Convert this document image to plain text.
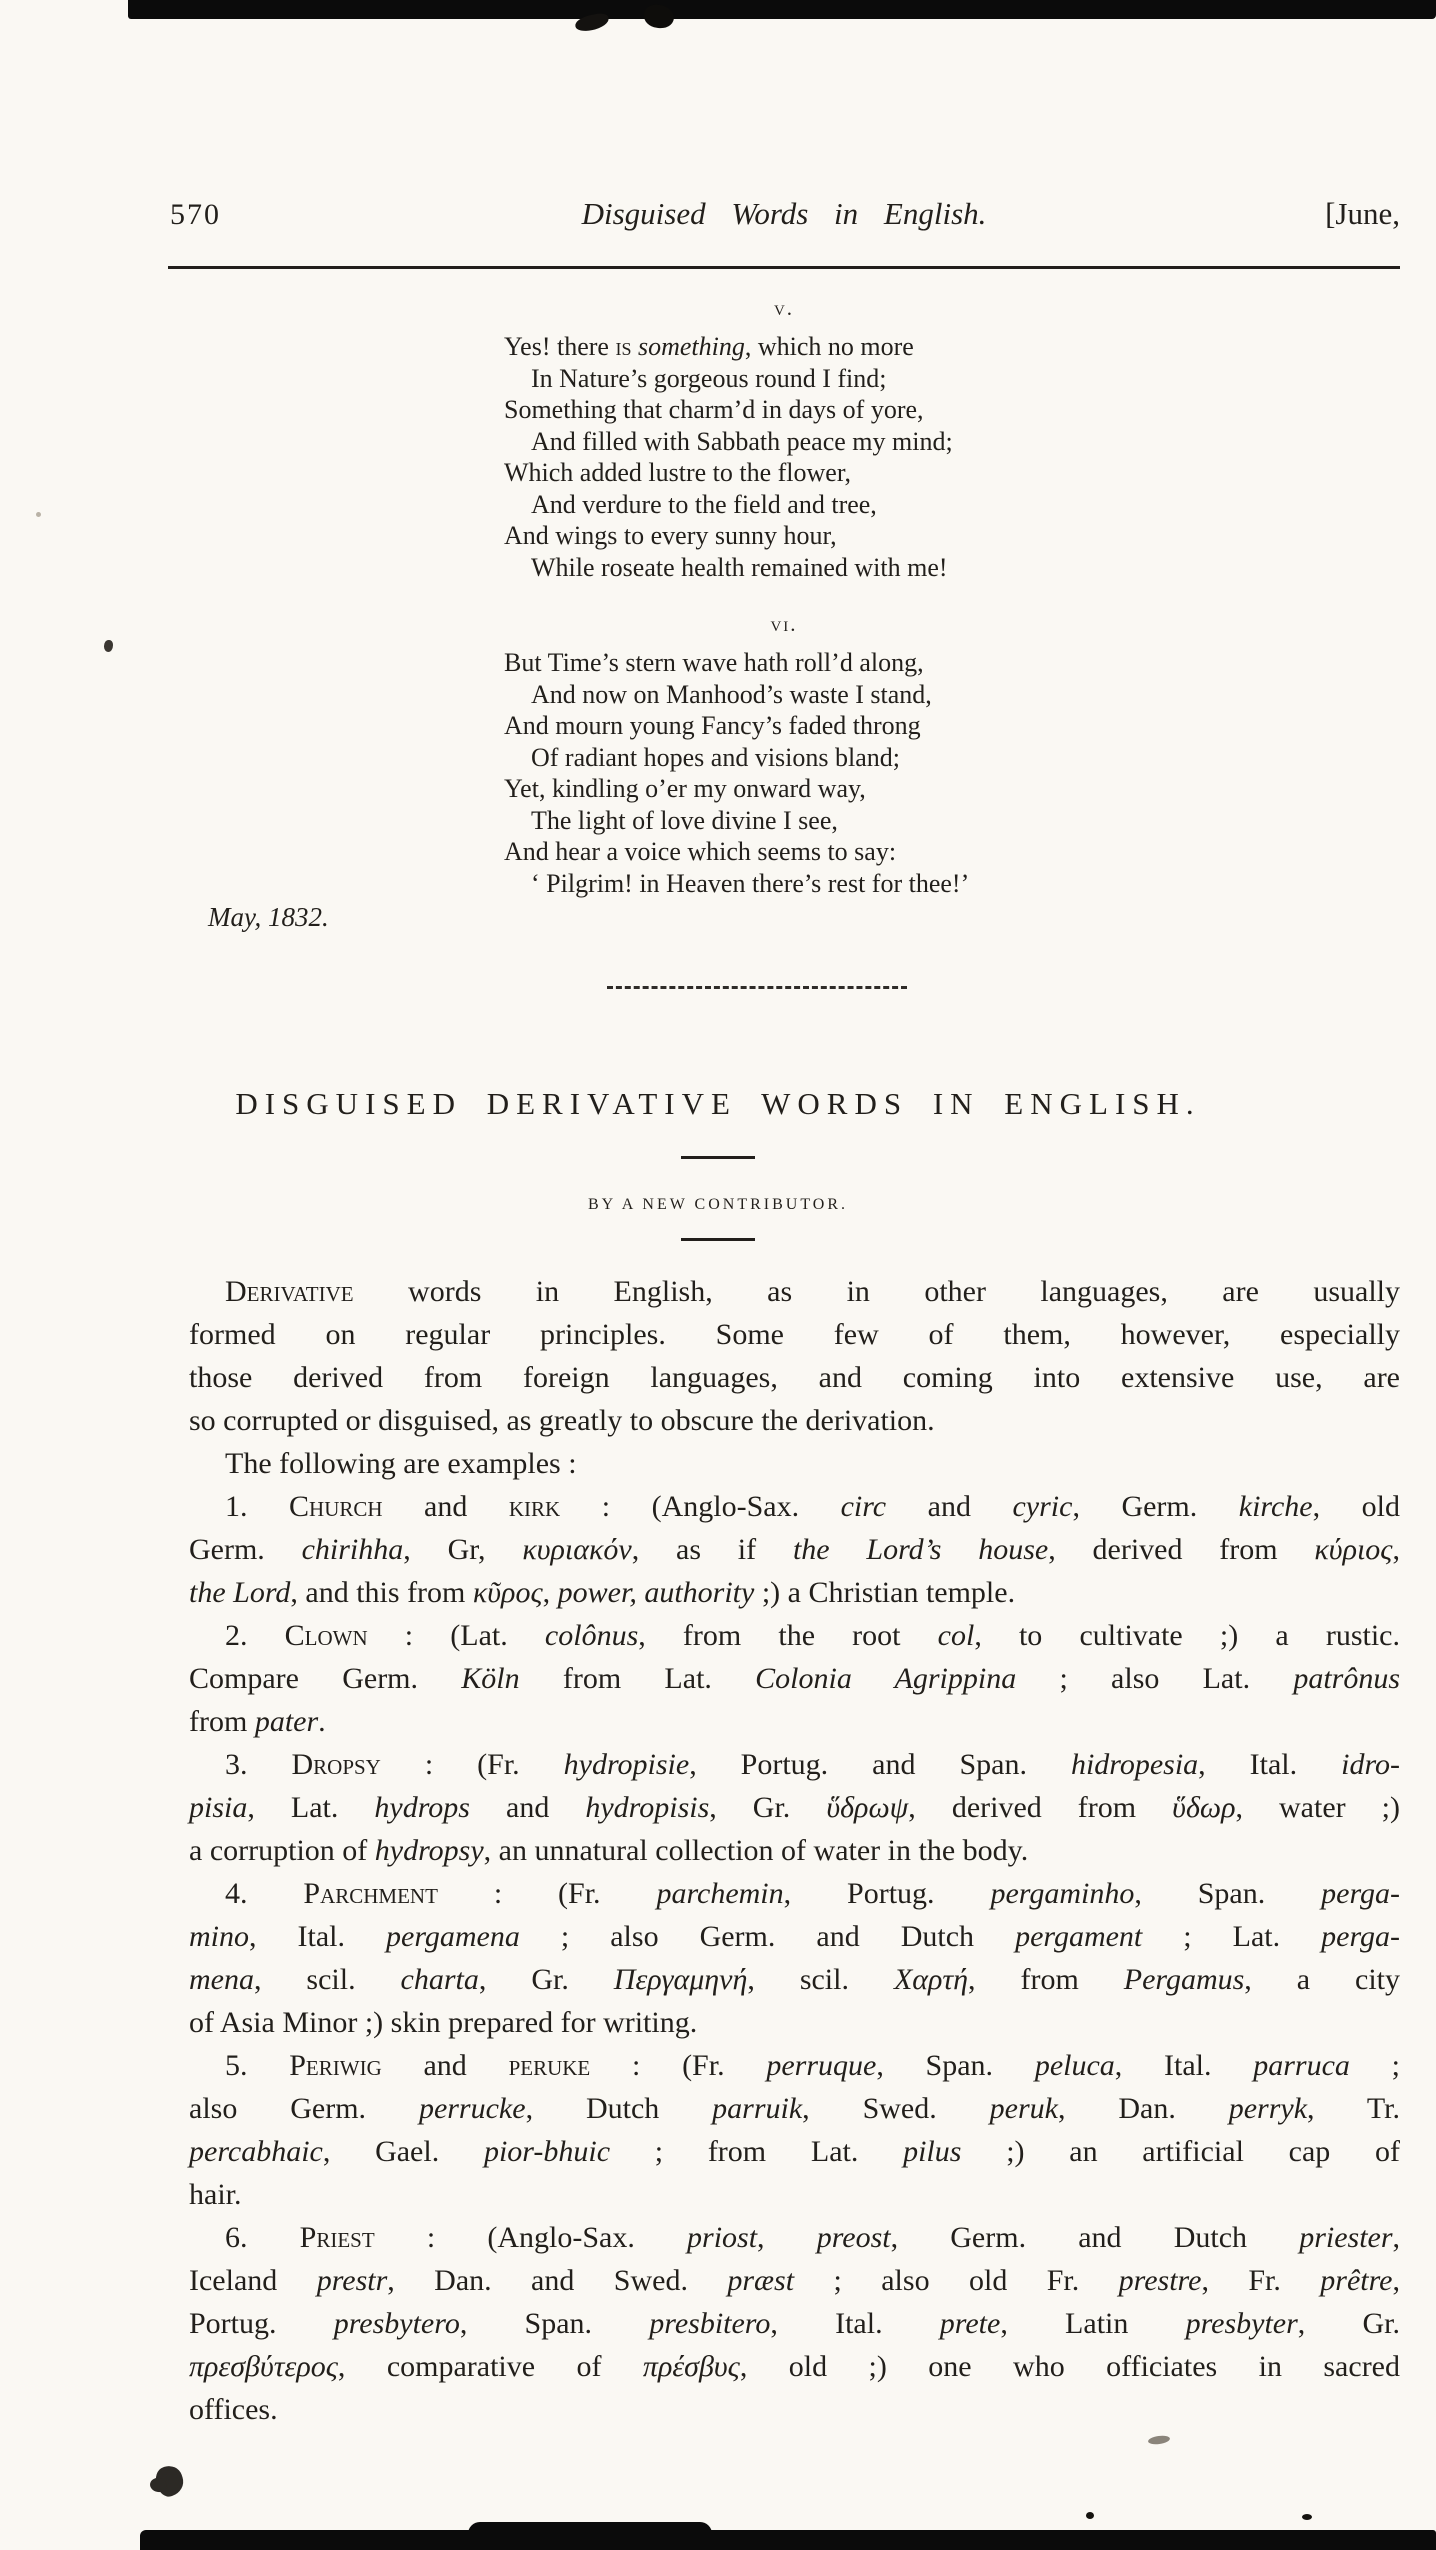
570	Disguised Words in English.	[June,
v.
Yes! there is something, which no more
In Nature’s gorgeous round I find;
Something that charm’d in days of yore,
And filled with Sabbath peace my mind;
Which added lustre to the flower,
And verdure to the field and tree,
And wings to every sunny hour,
While roseate health remained with me!
vi.
But Time’s stern wave hath roll’d along,
And now on Manhood’s waste I stand,
And mourn young Fancy’s faded throng
Of radiant hopes and visions bland;
Yet, kindling o’er my onward way,
The light of love divine I see,
And hear a voice which seems to say:
‘ Pilgrim! in Heaven there’s rest for thee!’
May, 1832.
DISGUISED DERIVATIVE WORDS IN ENGLISH.
BY A NEW CONTRIBUTOR.
Derivative words in English, as in other languages, are usually
formed on regular principles. Some few of them, however, especially
those derived from foreign languages, and coming into extensive use, are
so corrupted or disguised, as greatly to obscure the derivation.
The following are examples :
1. Church and kirk : (Anglo-Sax. circ and cyric, Germ. kirche, old
Germ. chirihha, Gr, κυριακόν, as if the Lord’s house, derived from κύριος,
the Lord, and this from κῦρος, power, authority ;) a Christian temple.
2. Clown : (Lat. colônus, from the root col, to cultivate ;) a rustic.
Compare Germ. Köln from Lat. Colonia Agrippina ; also Lat. patrônus
from pater.
3. Dropsy : (Fr. hydropisie, Portug. and Span. hidropesia, Ital. idro-
pisia, Lat. hydrops and hydropisis, Gr. ὕδρωψ, derived from ὕδωρ, water ;)
a corruption of hydropsy, an unnatural collection of water in the body.
4. Parchment : (Fr. parchemin, Portug. pergaminho, Span. perga-
mino, Ital. pergamena ; also Germ. and Dutch pergament ; Lat. perga-
mena, scil. charta, Gr. Περγαμηνή, scil. Χαρτή, from Pergamus, a city
of Asia Minor ;) skin prepared for writing.
5. Periwig and peruke : (Fr. perruque, Span. peluca, Ital. parruca ;
also Germ. perrucke, Dutch parruik, Swed. peruk, Dan. perryk, Tr.
percabhaic, Gael. pior-bhuic ; from Lat. pilus ;) an artificial cap of
hair.
6. Priest : (Anglo-Sax. priost, preost, Germ. and Dutch priester,
Iceland prestr, Dan. and Swed. præst ; also old Fr. prestre, Fr. prêtre,
Portug. presbytero, Span. presbitero, Ital. prete, Latin presbyter, Gr.
πρεσβύτερος, comparative of πρέσβυς, old ;) one who officiates in sacred
offices.
